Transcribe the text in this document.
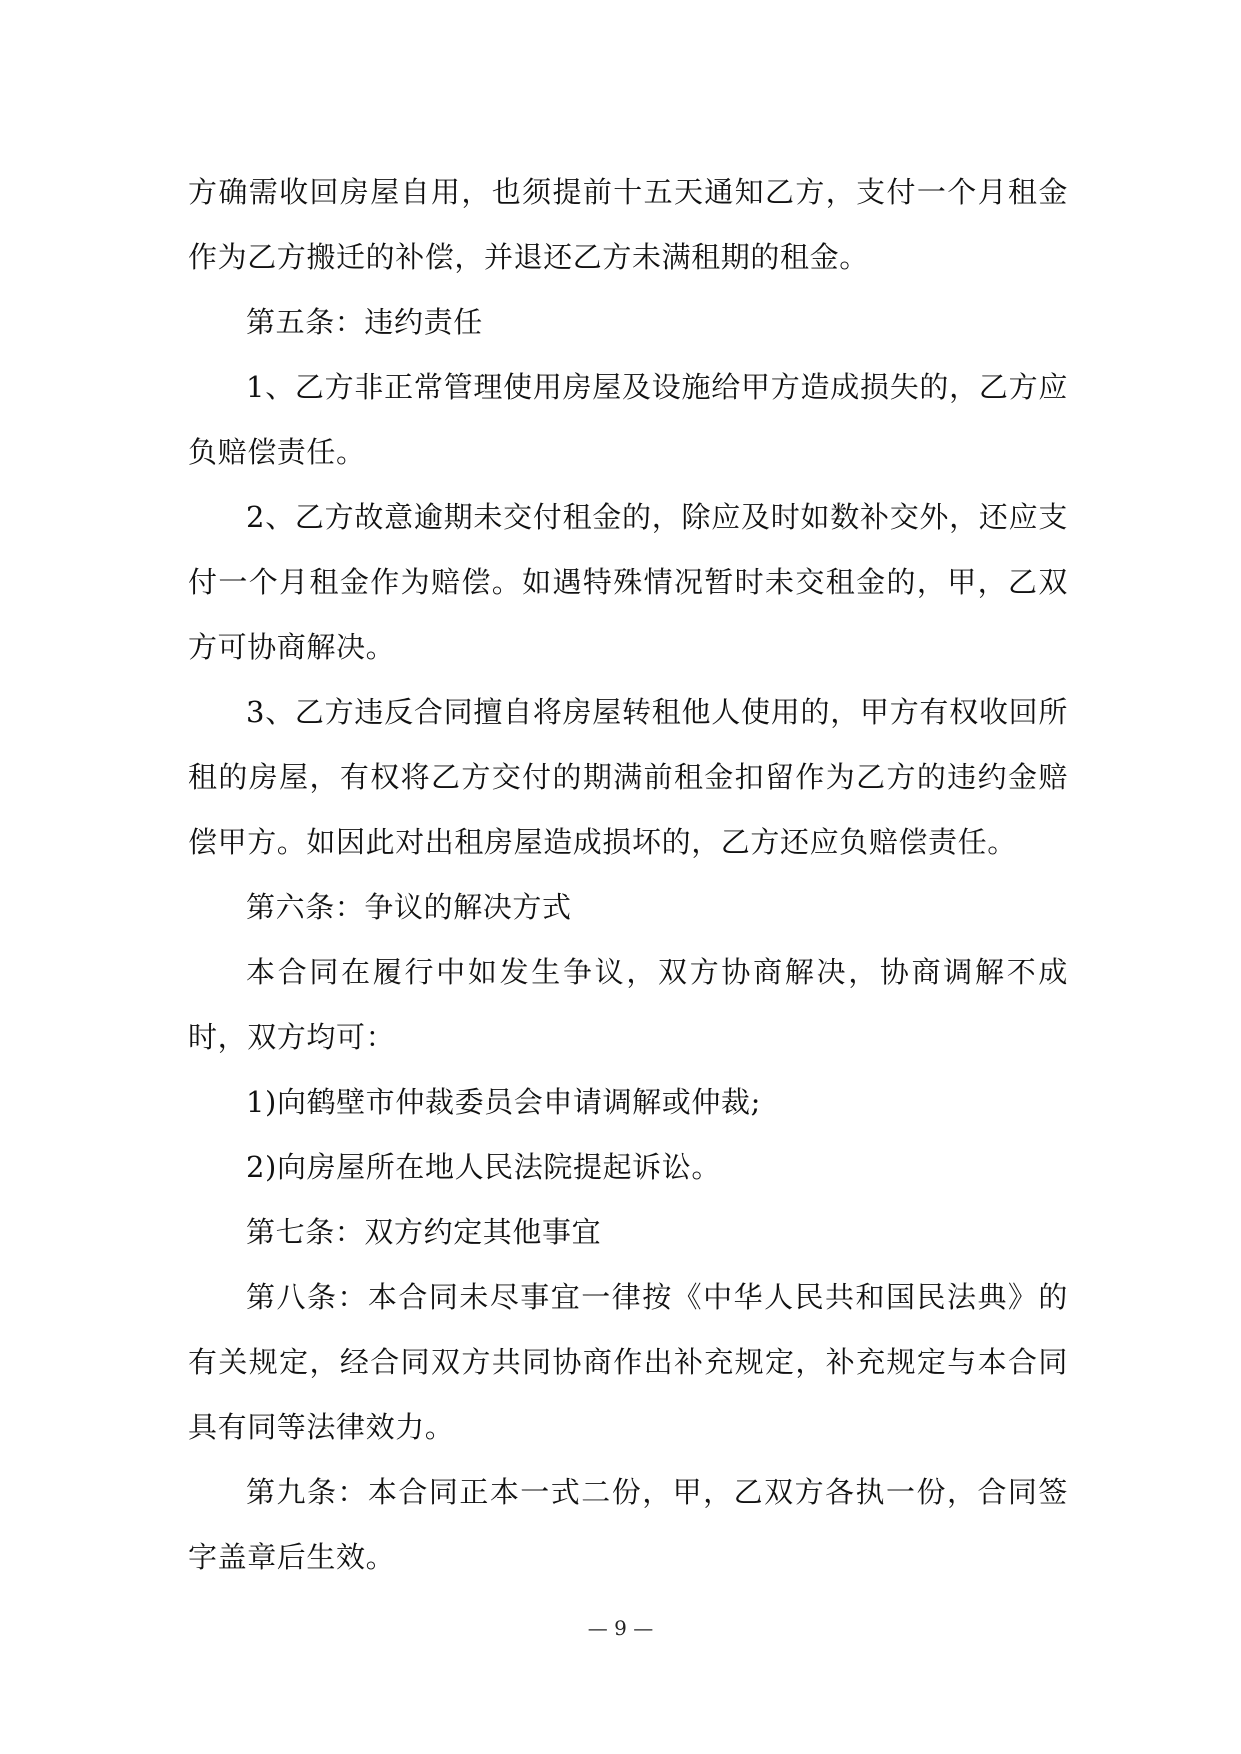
方确需收回房屋自用，也须提前十五天通知乙方，支付一个月租金作为乙方搬迁的补偿，并退还乙方未满租期的租金。

第五条：违约责任

1、乙方非正常管理使用房屋及设施给甲方造成损失的，乙方应负赔偿责任。

2、乙方故意逾期未交付租金的，除应及时如数补交外，还应支付一个月租金作为赔偿。如遇特殊情况暂时未交租金的，甲，乙双方可协商解决。

3、乙方违反合同擅自将房屋转租他人使用的，甲方有权收回所租的房屋，有权将乙方交付的期满前租金扣留作为乙方的违约金赔偿甲方。如因此对出租房屋造成损坏的，乙方还应负赔偿责任。

第六条：争议的解决方式

本合同在履行中如发生争议，双方协商解决，协商调解不成时，双方均可：

1)向鹤壁市仲裁委员会申请调解或仲裁;

2)向房屋所在地人民法院提起诉讼。

第七条：双方约定其他事宜

第八条：本合同未尽事宜一律按《中华人民共和国民法典》的有关规定，经合同双方共同协商作出补充规定，补充规定与本合同具有同等法律效力。

第九条：本合同正本一式二份，甲，乙双方各执一份，合同签字盖章后生效。

— 9 —
